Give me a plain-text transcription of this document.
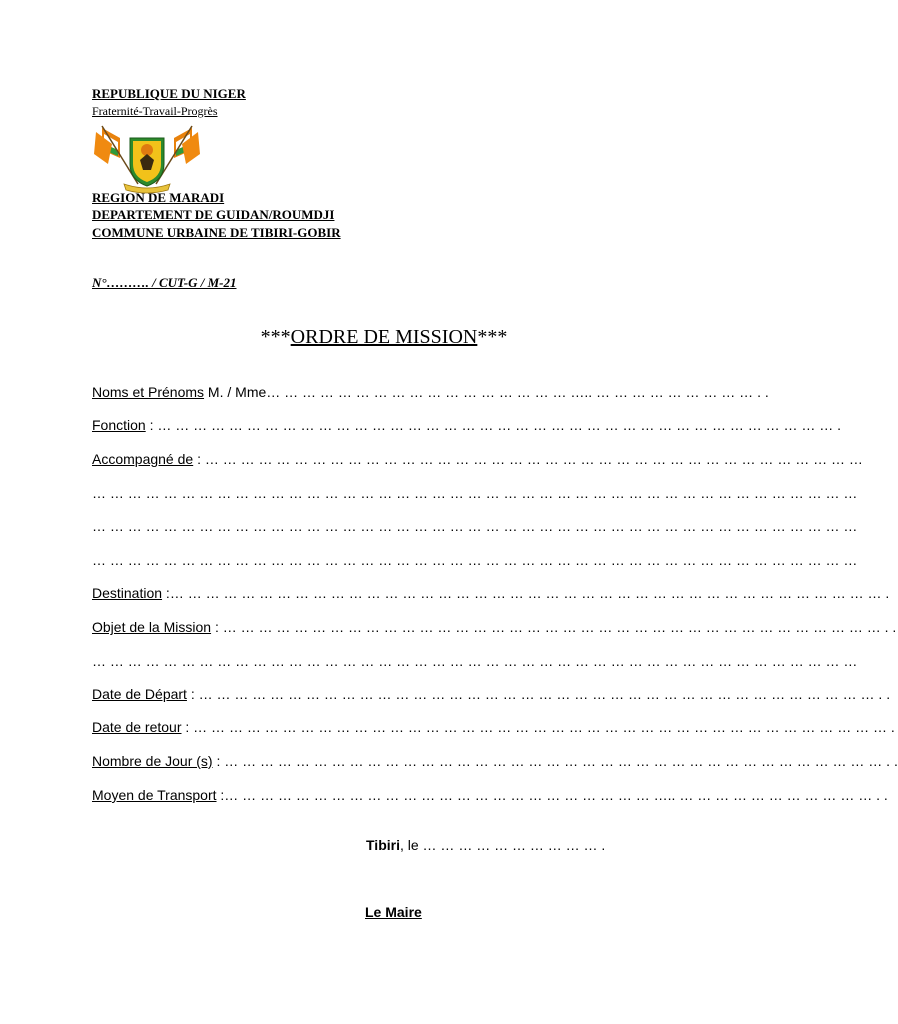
REPUBLIQUE DU NIGER
Fraternité-Travail-Progrès
REGION DE MARADI
DEPARTEMENT DE GUIDAN/ROUMDJI
COMMUNE URBAINE DE TIBIRI-GOBIR
N°………. / CUT-G / M-21
***ORDRE DE MISSION***
Noms et Prénoms M. / Mme… … … … … … … … … … … … … … … … … ….. … … … … … … … … … . .
Fonction : … … … … … … … … … … … … … … … … … … … … … … … … … … … … … … … … … … … … … … .
Accompagné de : … … … … … … … … … … … … … … … … … … … … … … … … … … … … … … … … … … … … …
… … … … … … … … … … … … … … … … … … … … … … … … … … … … … … … … … … … … … … … … … … …
… … … … … … … … … … … … … … … … … … … … … … … … … … … … … … … … … … … … … … … … … … …
… … … … … … … … … … … … … … … … … … … … … … … … … … … … … … … … … … … … … … … … … … …
Destination :… … … … … … … … … … … … … … … … … … … … … … … … … … … … … … … … … … … … … … … … .
Objet de la Mission : … … … … … … … … … … … … … … … … … … … … … … … … … … … … … … … … … … … … … . .
… … … … … … … … … … … … … … … … … … … … … … … … … … … … … … … … … … … … … … … … … … …
Date de Départ : … … … … … … … … … … … … … … … … … … … … … … … … … … … … … … … … … … … … … … . .
Date de retour : … … … … … … … … … … … … … … … … … … … … … … … … … … … … … … … … … … … … … … … .
Nombre de Jour (s) : … … … … … … … … … … … … … … … … … … … … … … … … … … … … … … … … … … … … … . .
Moyen de Transport :… … … … … … … … … … … … … … … … … … … … … … … … ….. … … … … … … … … … … … . .
Tibiri, le … … … … … … … … … … .
Le Maire
